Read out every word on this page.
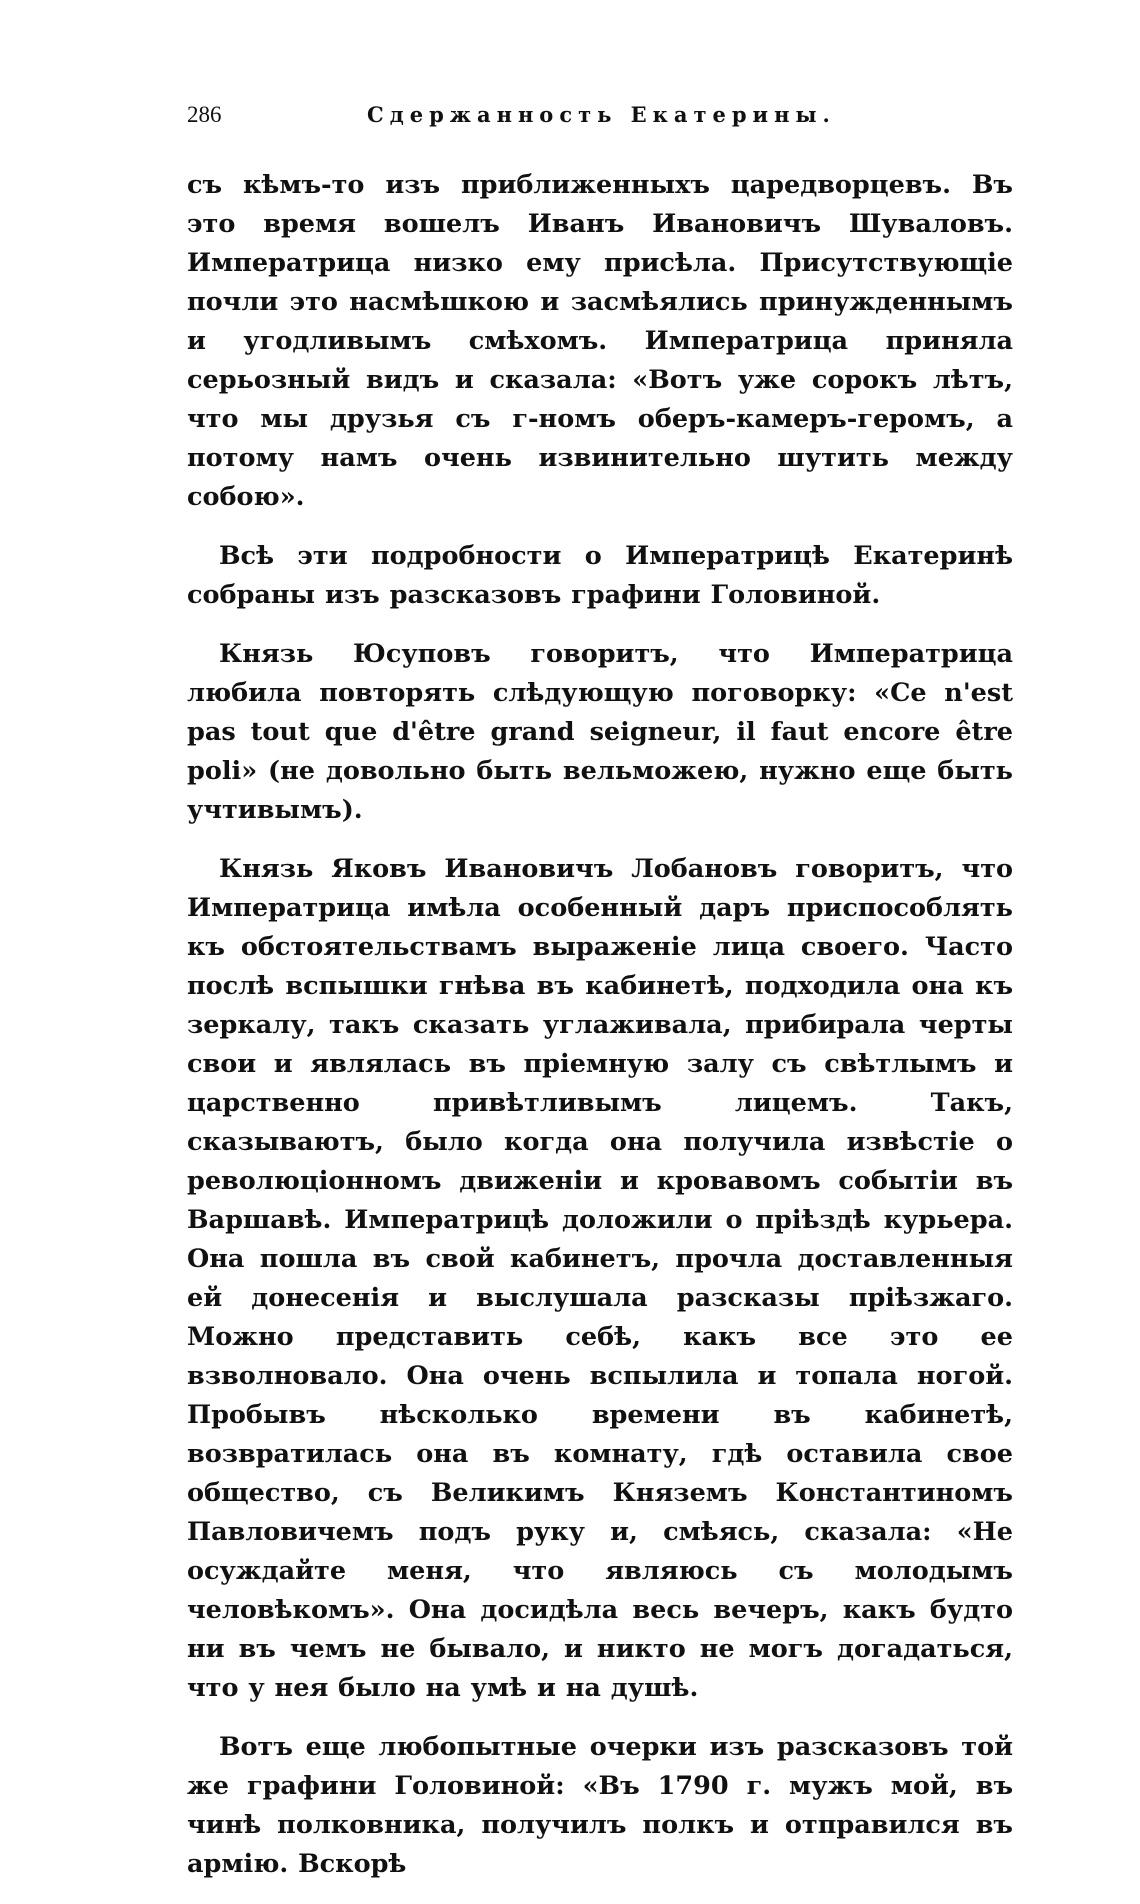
286	Сдержанность Екатерины.

съ кѣмъ-то изъ приближенныхъ царедворцевъ. Въ это время вошелъ Иванъ Ивановичъ Шуваловъ. Императрица низко ему присѣла. Присутствующіе почли это насмѣшкою и засмѣялись принужденнымъ и угодливымъ смѣхомъ. Императрица приняла серьозный видъ и сказала: «Вотъ уже сорокъ лѣтъ, что мы друзья съ г-номъ оберъ-камеръ-геромъ, а потому намъ очень извинительно шутить между собою».

Всѣ эти подробности о Императрицѣ Екатеринѣ собраны изъ разсказовъ графини Головиной.

Князь Юсуповъ говоритъ, что Императрица любила повторять слѣдующую поговорку: «Ce n'est pas tout que d'être grand seigneur, il faut encore être poli» (не довольно быть вельможею, нужно еще быть учтивымъ).

Князь Яковъ Ивановичъ Лобановъ говоритъ, что Императрица имѣла особенный даръ приспособлять къ обстоятельствамъ выраженіе лица своего. Часто послѣ вспышки гнѣва въ кабинетѣ, подходила она къ зеркалу, такъ сказать углаживала, прибирала черты свои и являлась въ пріемную залу съ свѣтлымъ и царственно привѣтливымъ лицемъ. Такъ, сказываютъ, было когда она получила извѣстіе о революціонномъ движеніи и кровавомъ событіи въ Варшавѣ. Императрицѣ доложили о пріѣздѣ курьера. Она пошла въ свой кабинетъ, прочла доставленныя ей донесенія и выслушала разсказы пріѣзжаго. Можно представить себѣ, какъ все это ее взволновало. Она очень вспылила и топала ногой. Пробывъ нѣсколько времени въ кабинетѣ, возвратилась она въ комнату, гдѣ оставила свое общество, съ Великимъ Княземъ Константиномъ Павловичемъ подъ руку и, смѣясь, сказала: «Не осуждайте меня, что являюсь съ молодымъ человѣкомъ». Она досидѣла весь вечеръ, какъ будто ни въ чемъ не бывало, и никто не могъ догадаться, что у нея было на умѣ и на душѣ.

Вотъ еще любопытные очерки изъ разсказовъ той же графини Головиной: «Въ 1790 г. мужъ мой, въ чинѣ полковника, получилъ полкъ и отправился въ армію. Вскорѣ
